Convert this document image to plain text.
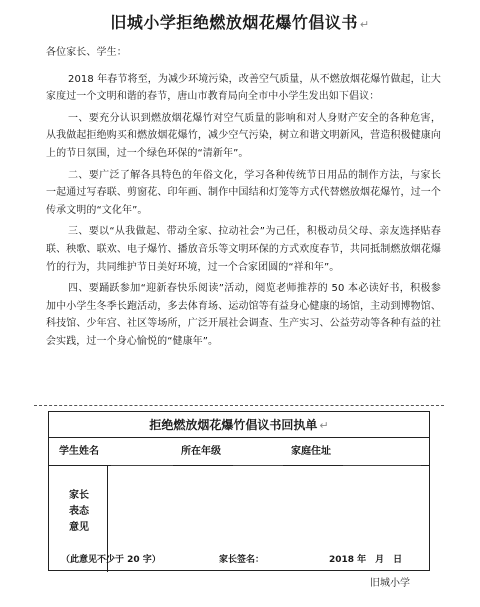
旧城小学拒绝燃放烟花爆竹倡议书 ↵

各位家长、学生：

2018 年春节将至，为减少环境污染，改善空气质量，从不燃放烟花爆竹做起，让大家度过一个文明和谐的春节，唐山市教育局向全市中小学生发出如下倡议：

一、要充分认识到燃放烟花爆竹对空气质量的影响和对人身财产安全的各种危害，从我做起拒绝购买和燃放烟花爆竹，减少空气污染，树立和谐文明新风，营造积极健康向上的节日氛围，过一个绿色环保的“清新年”。

二、要广泛了解各具特色的年俗文化，学习各种传统节日用品的制作方法，与家长一起通过写春联、剪窗花、印年画、制作中国结和灯笼等方式代替燃放烟花爆竹，过一个传承文明的“文化年”。

三、要以“从我做起、带动全家、拉动社会”为己任，积极动员父母、亲友选择贴春联、秧歌、联欢、电子爆竹、播放音乐等文明环保的方式欢度春节，共同抵制燃放烟花爆竹的行为，共同维护节日美好环境，过一个合家团圆的“祥和年”。

四、要踊跃参加“迎新春快乐阅读”活动，阅览老师推荐的 50 本必读好书，积极参加中小学生冬季长跑活动，多去体育场、运动馆等有益身心健康的场馆，主动到博物馆、科技馆、少年宫、社区等场所，广泛开展社会调查、生产实习、公益劳动等各种有益的社会实践，过一个身心愉悦的“健康年”。

拒绝燃放烟花爆竹倡议书回执单 ↵
学生姓名	所在年级	家庭住址
家长
表态
意见
（此意见不少于 20 字）	家长签名：	2018 年　月　日
旧城小学
